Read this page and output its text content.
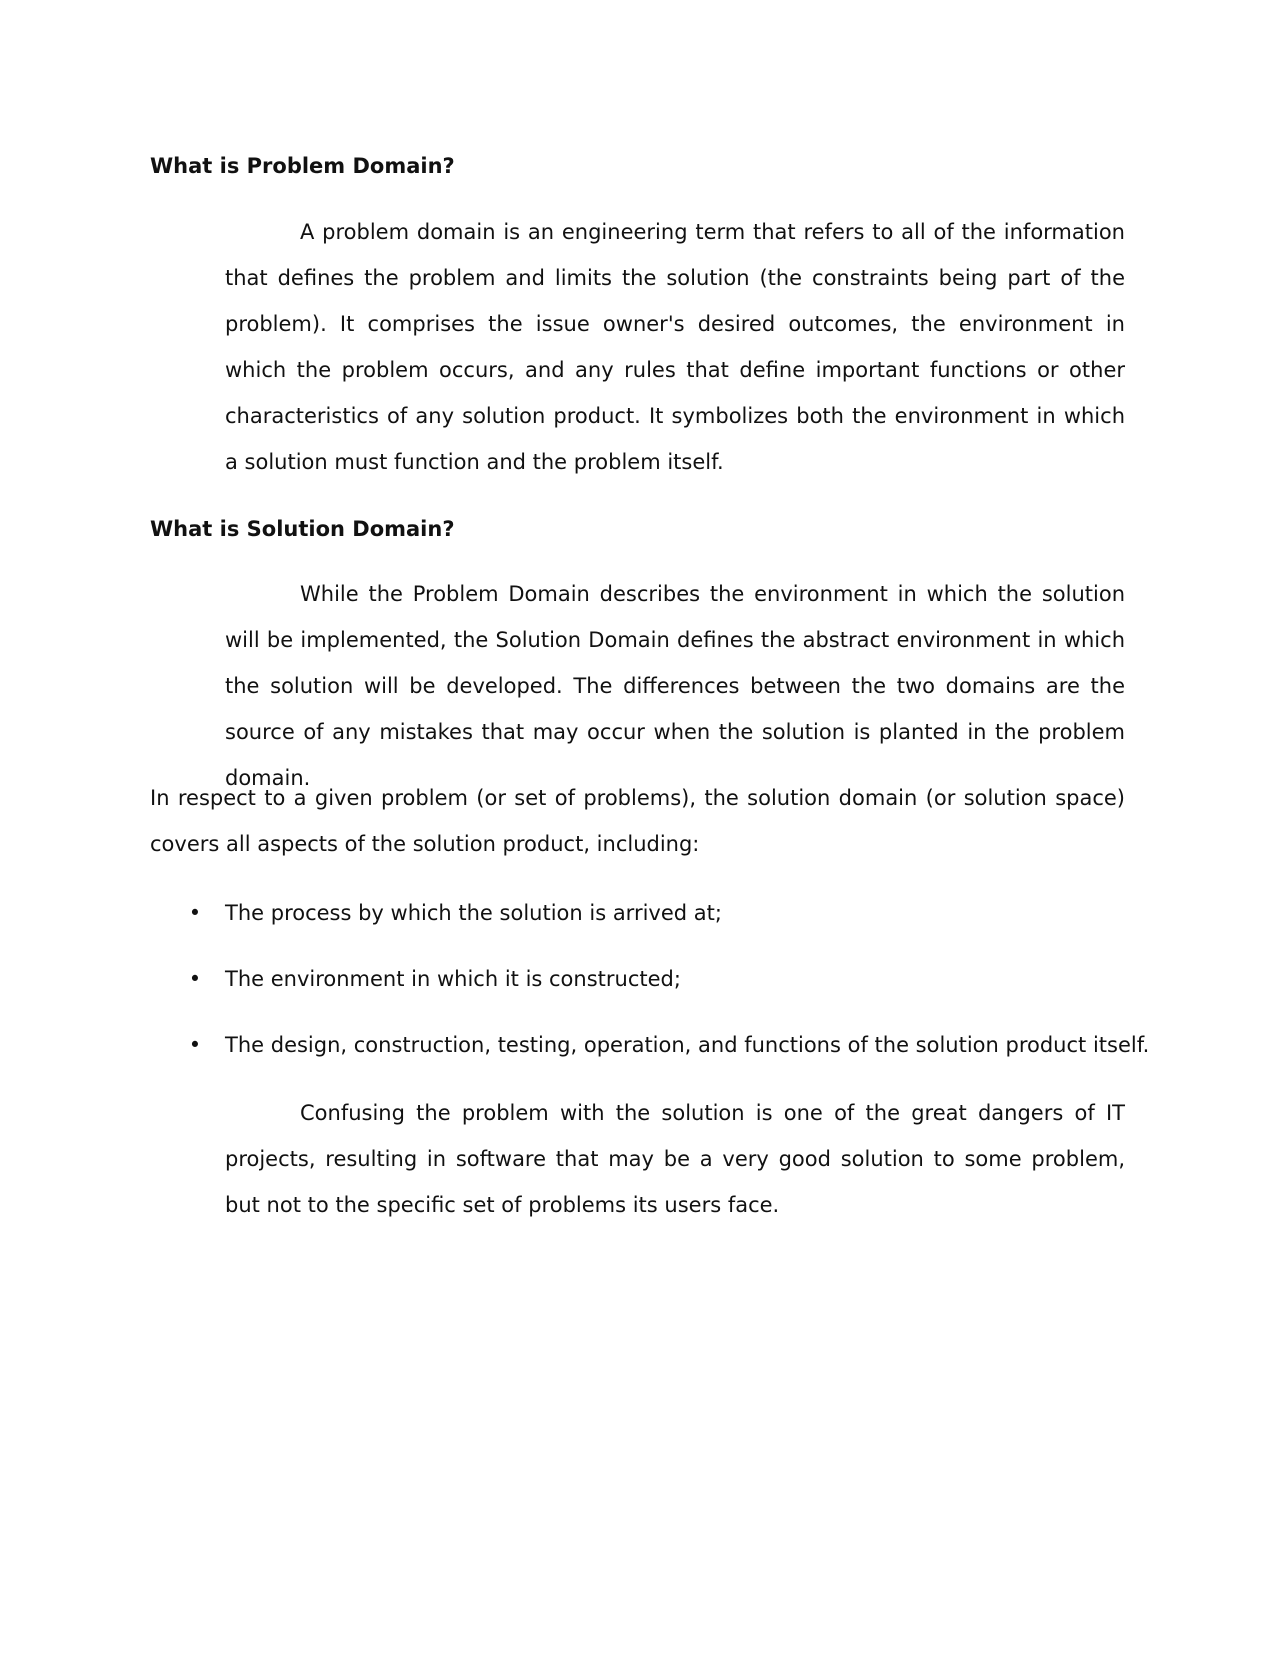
What is Problem Domain?

A problem domain is an engineering term that refers to all of the information that defines the problem and limits the solution (the constraints being part of the problem). It comprises the issue owner's desired outcomes, the environment in which the problem occurs, and any rules that define important functions or other characteristics of any solution product. It symbolizes both the environment in which a solution must function and the problem itself.

What is Solution Domain?

While the Problem Domain describes the environment in which the solution will be implemented, the Solution Domain defines the abstract environment in which the solution will be developed. The differences between the two domains are the source of any mistakes that may occur when the solution is planted in the problem domain.

In respect to a given problem (or set of problems), the solution domain (or solution space) covers all aspects of the solution product, including:

• The process by which the solution is arrived at;
• The environment in which it is constructed;
• The design, construction, testing, operation, and functions of the solution product itself.

Confusing the problem with the solution is one of the great dangers of IT projects, resulting in software that may be a very good solution to some problem, but not to the specific set of problems its users face.
